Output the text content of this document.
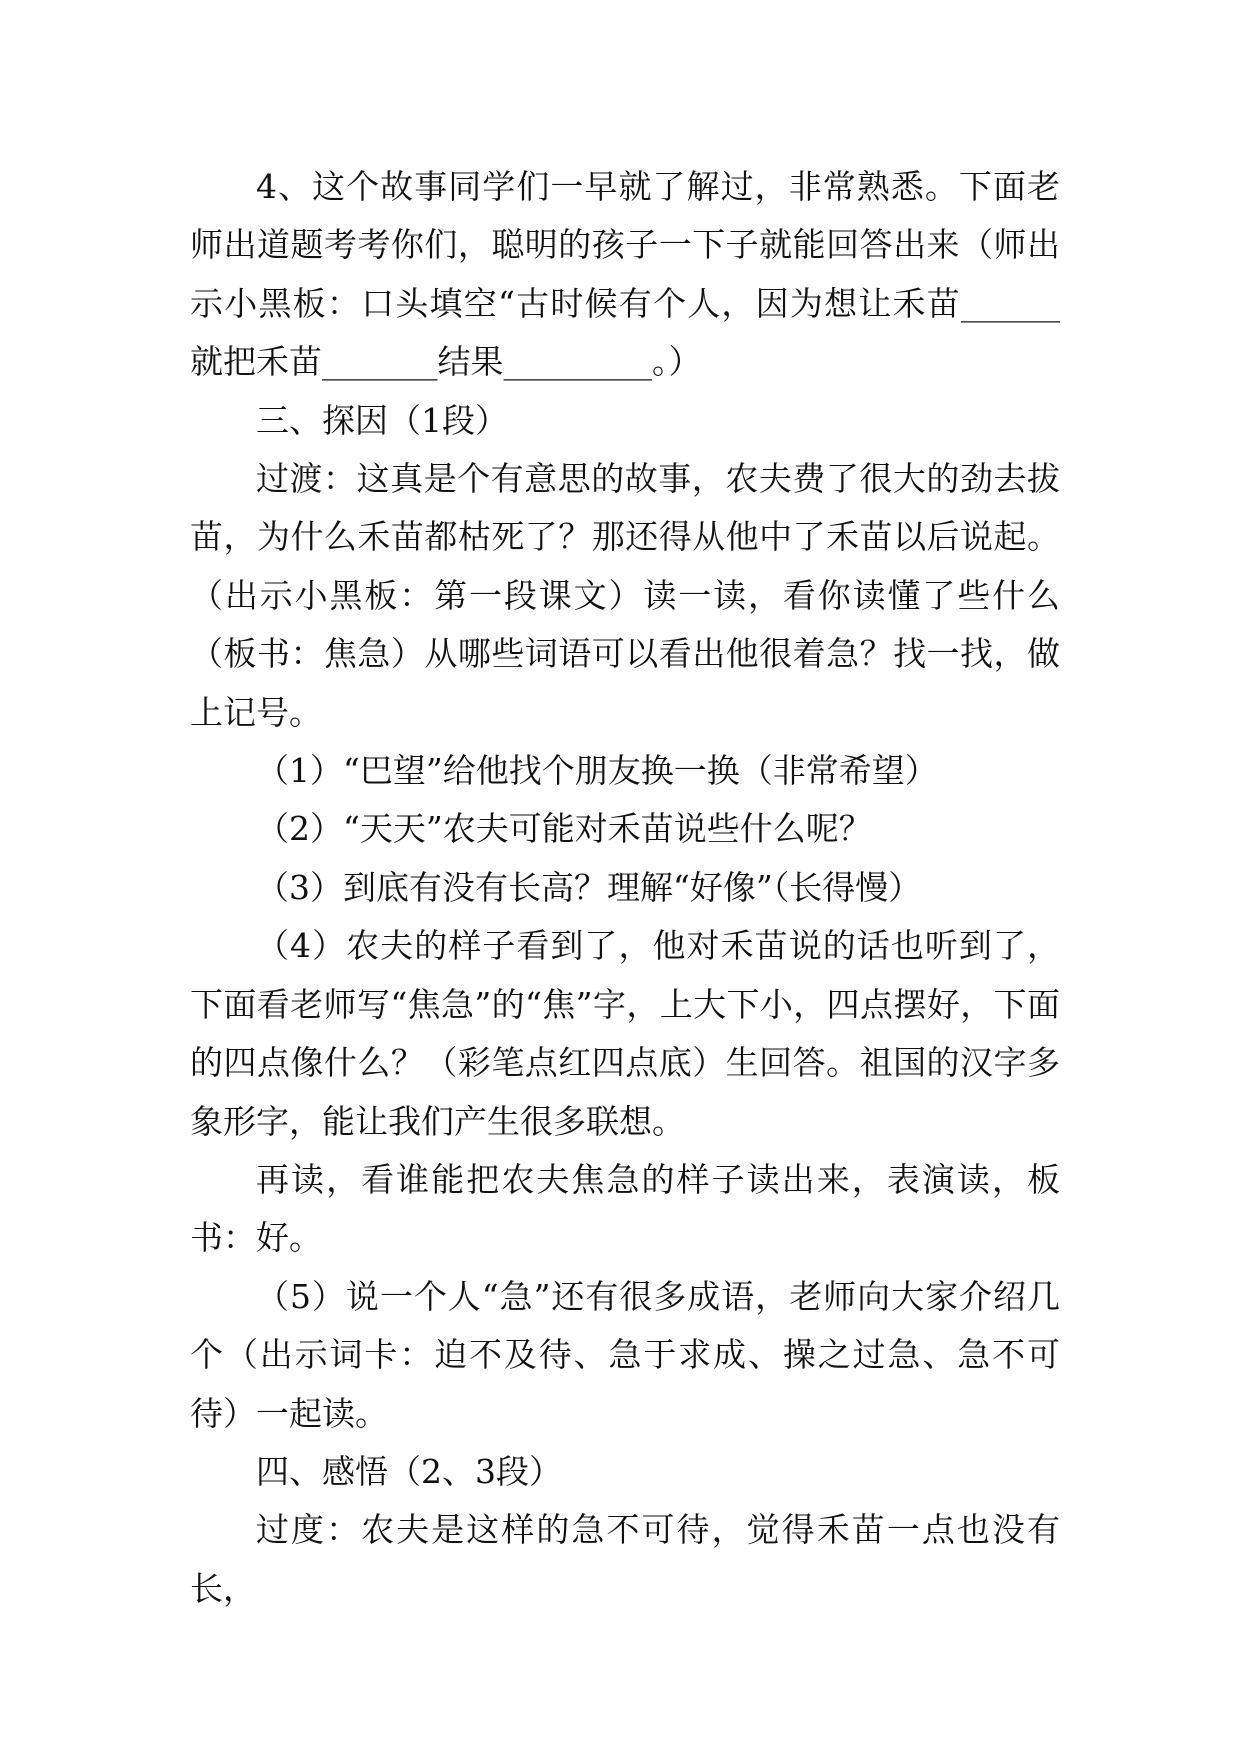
4、这个故事同学们一早就了解过，非常熟悉。下面老师出道题考考你们，聪明的孩子一下子就能回答出来（师出示小黑板：口头填空“古时候有个人，因为想让禾苗______就把禾苗_______结果_________。）

三、探因（1段）

过渡：这真是个有意思的故事，农夫费了很大的劲去拔苗，为什么禾苗都枯死了？那还得从他中了禾苗以后说起。（出示小黑板：第一段课文）读一读，看你读懂了些什么（板书：焦急）从哪些词语可以看出他很着急？找一找，做上记号。

（1）“巴望”给他找个朋友换一换（非常希望）

（2）“天天”农夫可能对禾苗说些什么呢？

（3）到底有没有长高？理解“好像”（长得慢）

（4）农夫的样子看到了，他对禾苗说的话也听到了，下面看老师写“焦急”的“焦”字，上大下小，四点摆好，下面的四点像什么？（彩笔点红四点底）生回答。祖国的汉字多象形字，能让我们产生很多联想。

再读，看谁能把农夫焦急的样子读出来，表演读，板书：好。

（5）说一个人“急”还有很多成语，老师向大家介绍几个（出示词卡：迫不及待、急于求成、操之过急、急不可待）一起读。

四、感悟（2、3段）

过度：农夫是这样的急不可待，觉得禾苗一点也没有长，
